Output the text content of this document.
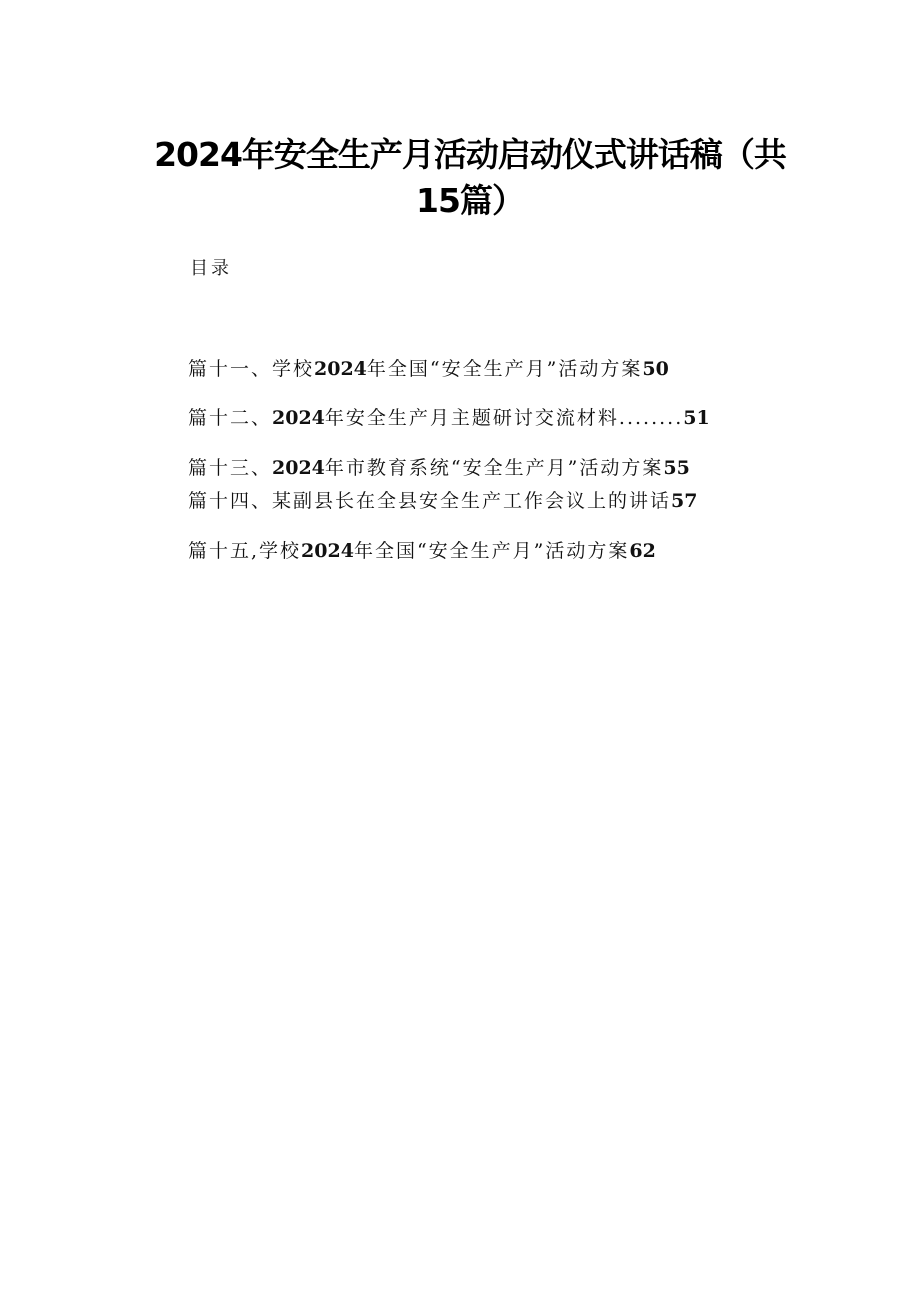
2024年安全生产月活动启动仪式讲话稿（共
15篇）
目录
篇十一、学校2024年全国“安全生产月”活动方案50
篇十二、2024年安全生产月主题研讨交流材料........51
篇十三、2024年市教育系统“安全生产月”活动方案55
篇十四、某副县长在全县安全生产工作会议上的讲话57
篇十五,学校2024年全国“安全生产月”活动方案62
